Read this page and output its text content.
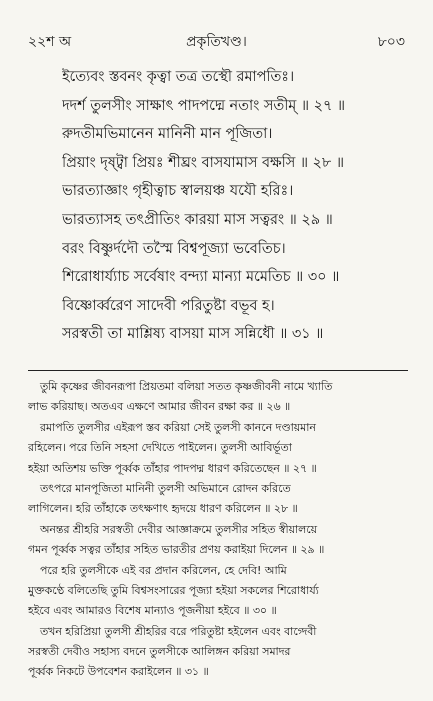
২২শ অ	প্রকৃতিখণ্ড।	৮০৩
ইত্যেবং স্তবনং কৃত্বা তত্র তস্থৌ রমাপতিঃ।
দদর্শ তুলসীং সাক্ষাৎ পাদপদ্মে নতাং সতীম্‌ ॥ ২৭ ॥
রুদতীমভিমানেন মানিনী মান পূজিতা।
প্রিয়াং দৃষ্ট্বা প্রিয়ঃ শীঘ্রং বাসযামাস বক্ষসি ॥ ২৮ ॥
ভারত্যাজ্ঞাং গৃহীত্বাচ স্বালয়ঞ্চ যযৌ হরিঃ।
ভারত্যাসহ তৎপ্রীতিং কারয়া মাস সত্বরং ॥ ২৯ ॥
বরং বিষ্ণুর্দদৌ তস্মৈ বিশ্বপূজ্যা ভবেতিচ।
শিরোধার্য্যাচ সর্বেষাং বন্দ্যা মান্যা মমেতিচ ॥ ৩০ ॥
বিষ্ণোর্ব্বরেণ সাদেবী পরিতুষ্টা বভূব হ।
সরস্বতী তা মাশ্লিষ্য বাসয়া মাস সন্নিধৌ ॥ ৩১ ॥
তুমি কৃষ্ণের জীবনরূপা প্রিয়তমা বলিয়া সতত কৃষ্ণজীবনী নামে খ্যাতি
লাভ করিয়াছ। অতএব এক্ষণে আমার জীবন রক্ষা কর ॥ ২৬ ॥
রমাপতি তুলসীর এইরূপ স্তব করিয়া সেই তুলসী কাননে দণ্ডায়মান
রহিলেন। পরে তিনি সহসা দেখিতে পাইলেন। তুলসী আবির্ভূতা
হইয়া অতিশয় ভক্তি পূর্ব্বক তাঁহার পাদপদ্ম ধারণ করিতেছেন ॥ ২৭ ॥
তৎপরে মানপূজিতা মানিনী তুলসী অভিমানে রোদন করিতে
লাগিলেন। হরি তাঁহাকে তৎক্ষণাৎ হৃদয়ে ধারণ করিলেন ॥ ২৮ ॥
অনন্তর শ্রীহরি সরস্বতী দেবীর আজ্ঞাক্রমে তুলসীর সহিত স্বীয়ালয়ে
গমন পূর্ব্বক সত্বর তাঁহার সহিত ভারতীর প্রণয় করাইয়া দিলেন ॥ ২৯ ॥
পরে হরি তুলসীকে এই বর প্রদান করিলেন, হে দেবি! আমি
মুক্তকণ্ঠে বলিতেছি তুমি বিশ্বসংসারের পূজ্যা হইয়া সকলের শিরোধার্য্য
হইবে এবং আমারও বিশেষ মান্যাও পূজনীয়া হইবে ॥ ৩০ ॥
তখন হরিপ্রিয়া তুলসী শ্রীহরির বরে পরিতুষ্টা হইলেন এবং বাগ্দেবী
সরস্বতী দেবীও সহাস্য বদনে তুলসীকে আলিঙ্গন করিয়া সমাদর
পূর্ব্বক নিকটে উপবেশন করাইলেন ॥ ৩১ ॥
